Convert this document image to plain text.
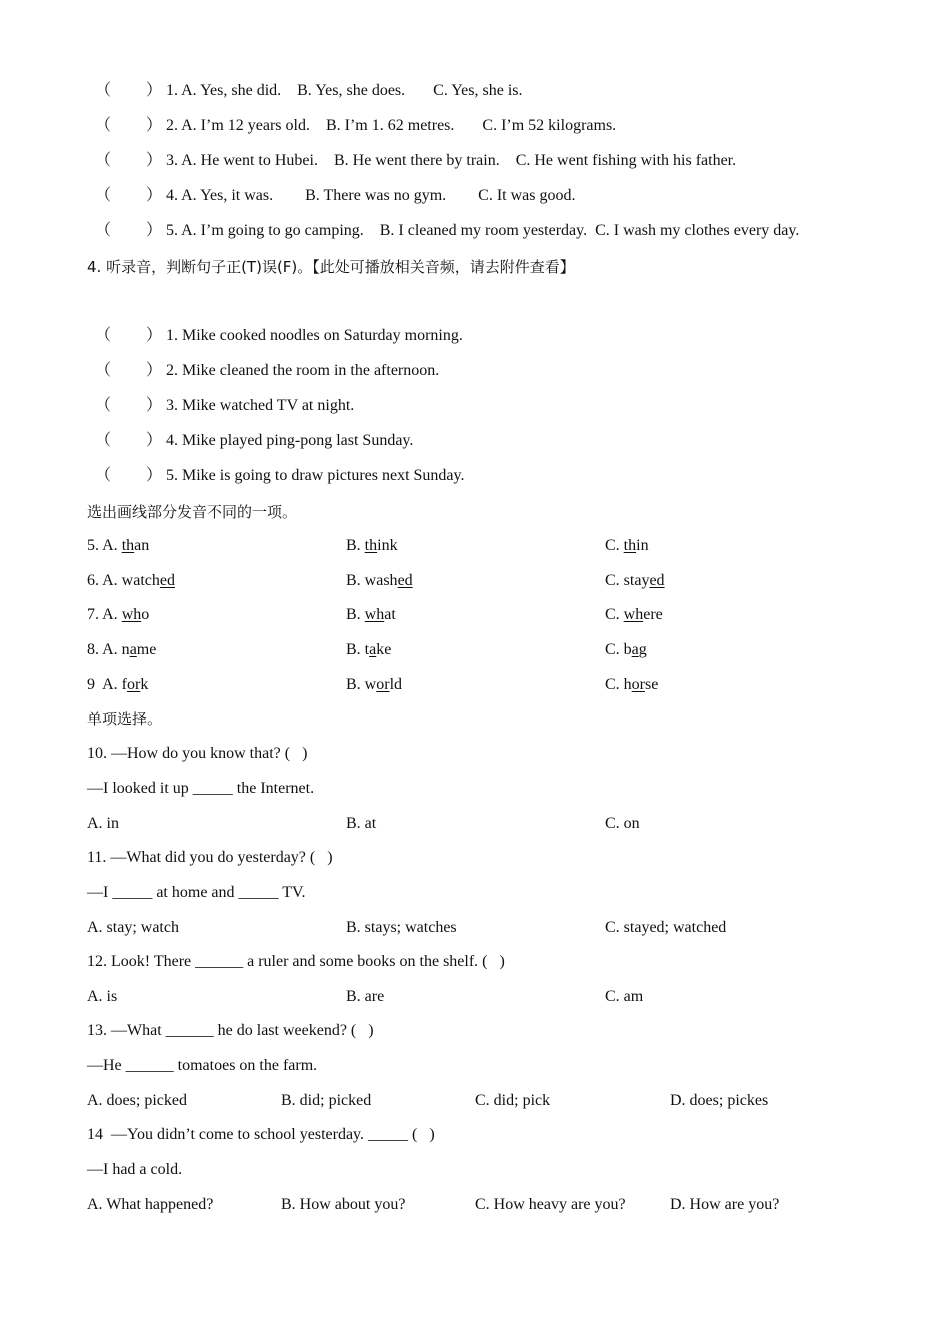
（ ） 1. A. Yes, she did.    B. Yes, she does.       C. Yes, she is.
（ ） 2. A. I’m 12 years old.    B. I’m 1. 62 metres.       C. I’m 52 kilograms.
（ ） 3. A. He went to Hubei.    B. He went there by train.    C. He went fishing with his father.
（ ） 4. A. Yes, it was.        B. There was no gym.        C. It was good.
（ ） 5. A. I’m going to go camping.    B. I cleaned my room yesterday.  C. I wash my clothes every day.
4. 听录音，判断句子正(T)误(F)。【此处可播放相关音频，请去附件查看】
（ ） 1. Mike cooked noodles on Saturday morning.
（ ） 2. Mike cleaned the room in the afternoon.
（ ） 3. Mike watched TV at night.
（ ） 4. Mike played ping-pong last Sunday.
（ ） 5. Mike is going to draw pictures next Sunday.
选出画线部分发音不同的一项。
5. A. than	B. think	C. thin
6. A. watched	B. washed	C. stayed
7. A. who	B. what	C. where
8. A. name	B. take	C. bag
9  A. fork	B. world	C. horse
单项选择。
10. —How do you know that? (   )
—I looked it up _____ the Internet.
A. in	B. at	C. on
11. —What did you do yesterday? (   )
—I _____ at home and _____ TV.
A. stay; watch	B. stays; watches	C. stayed; watched
12. Look! There ______ a ruler and some books on the shelf. (   )
A. is	B. are	C. am
13. —What ______ he do last weekend? (   )
—He ______ tomatoes on the farm.
A. does; picked	B. did; picked	C. did; pick	D. does; pickes
14  —You didn’t come to school yesterday. _____ (   )
—I had a cold.
A. What happened?	B. How about you?	C. How heavy are you?	D. How are you?
